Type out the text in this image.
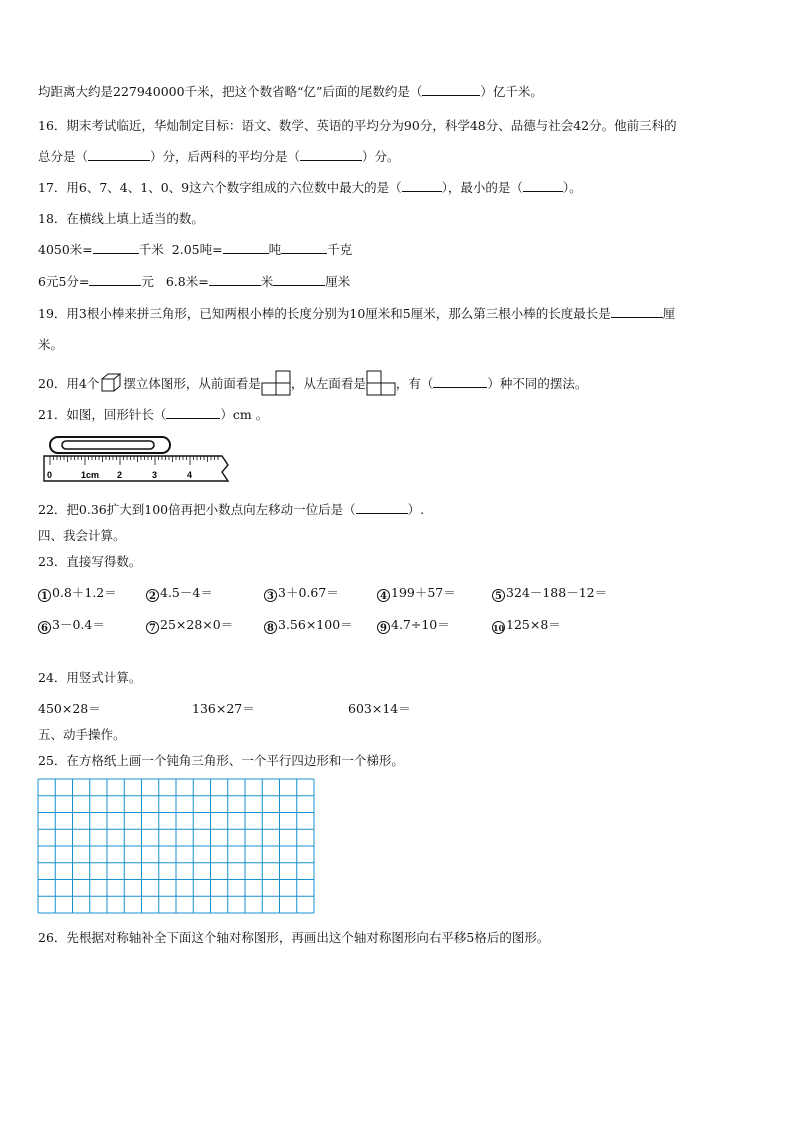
均距离大约是227940000千米，把这个数省略“亿”后面的尾数约是（	）亿千米。
16．期末考试临近，华灿制定目标：语文、数学、英语的平均分为90分，科学48分、品德与社会42分。他前三科的
总分是（	）分，后两科的平均分是（	）分。
17．用6、7、4、1、0、9这六个数字组成的六位数中最大的是（	），最小的是（	）。
18．在横线上填上适当的数。
4050米=	千米 2.05吨=	吨	千克
6元5分=	元 6.8米=	米	厘米
19．用3根小棒来拼三角形，已知两根小棒的长度分别为10厘米和5厘米，那么第三根小棒的长度最长是	厘
米。
20．用4个 摆立体图形，从前面看是 ，从左面看是 ，有（	）种不同的摆法。
21．如图，回形针长（	）cm 。
0	1cm 2	3	4
22．把0.36扩大到100倍再把小数点向左移动一位后是（	）.
四、我会计算。
23．直接写得数。
1 0.8＋1.2＝	2 4.5－4＝	3 3＋0.67＝	4 199＋57＝	5 324－188－12＝
6 3－0.4＝	7 25×28×0＝	8 3.56×100＝	9 4.7÷10＝	10 125×8＝
24．用竖式计算。
450×28＝	136×27＝	603×14＝
五、动手操作。
25．在方格纸上画一个钝角三角形、一个平行四边形和一个梯形。
26．先根据对称轴补全下面这个轴对称图形，再画出这个轴对称图形向右平移5格后的图形。
